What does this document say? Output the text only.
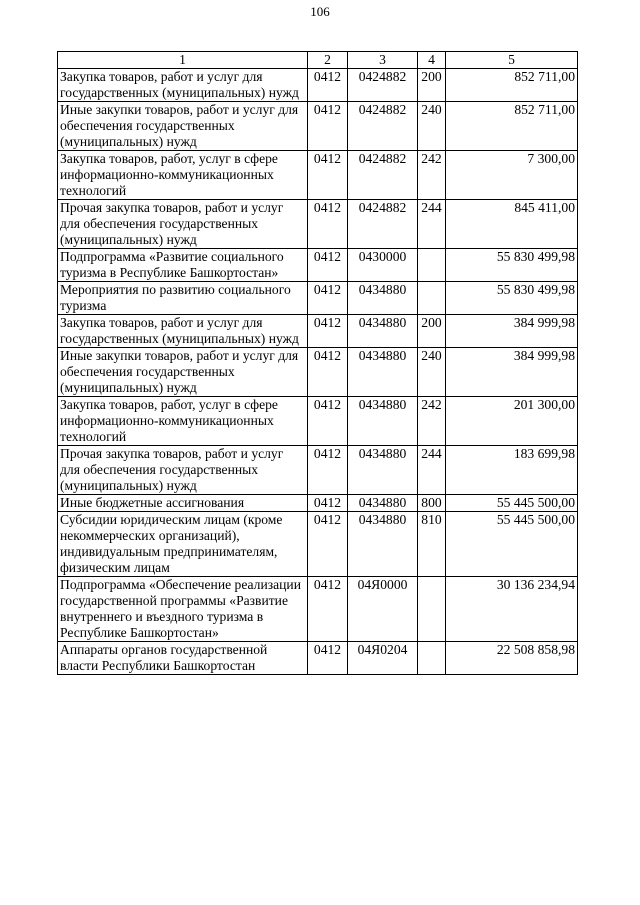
106
1	2	3	4	5
Закупка товаров, работ и услуг для государственных (муниципальных) нужд	0412	0424882	200	852 711,00
Иные закупки товаров, работ и услуг для обеспечения государственных (муниципальных) нужд	0412	0424882	240	852 711,00
Закупка товаров, работ, услуг в сфере информационно-коммуникационных технологий	0412	0424882	242	7 300,00
Прочая закупка товаров, работ и услуг для обеспечения государственных (муниципальных) нужд	0412	0424882	244	845 411,00
Подпрограмма «Развитие социального туризма в Республике Башкортостан»	0412	0430000		55 830 499,98
Мероприятия по развитию социального туризма	0412	0434880		55 830 499,98
Закупка товаров, работ и услуг для государственных (муниципальных) нужд	0412	0434880	200	384 999,98
Иные закупки товаров, работ и услуг для обеспечения государственных (муниципальных) нужд	0412	0434880	240	384 999,98
Закупка товаров, работ, услуг в сфере информационно-коммуникационных технологий	0412	0434880	242	201 300,00
Прочая закупка товаров, работ и услуг для обеспечения государственных (муниципальных) нужд	0412	0434880	244	183 699,98
Иные бюджетные ассигнования	0412	0434880	800	55 445 500,00
Субсидии юридическим лицам (кроме некоммерческих организаций), индивидуальным предпринимателям, физическим лицам	0412	0434880	810	55 445 500,00
Подпрограмма «Обеспечение реализации государственной программы «Развитие внутреннего и въездного туризма в Республике Башкортостан»	0412	04Я0000		30 136 234,94
Аппараты органов государственной власти Республики Башкортостан	0412	04Я0204		22 508 858,98
